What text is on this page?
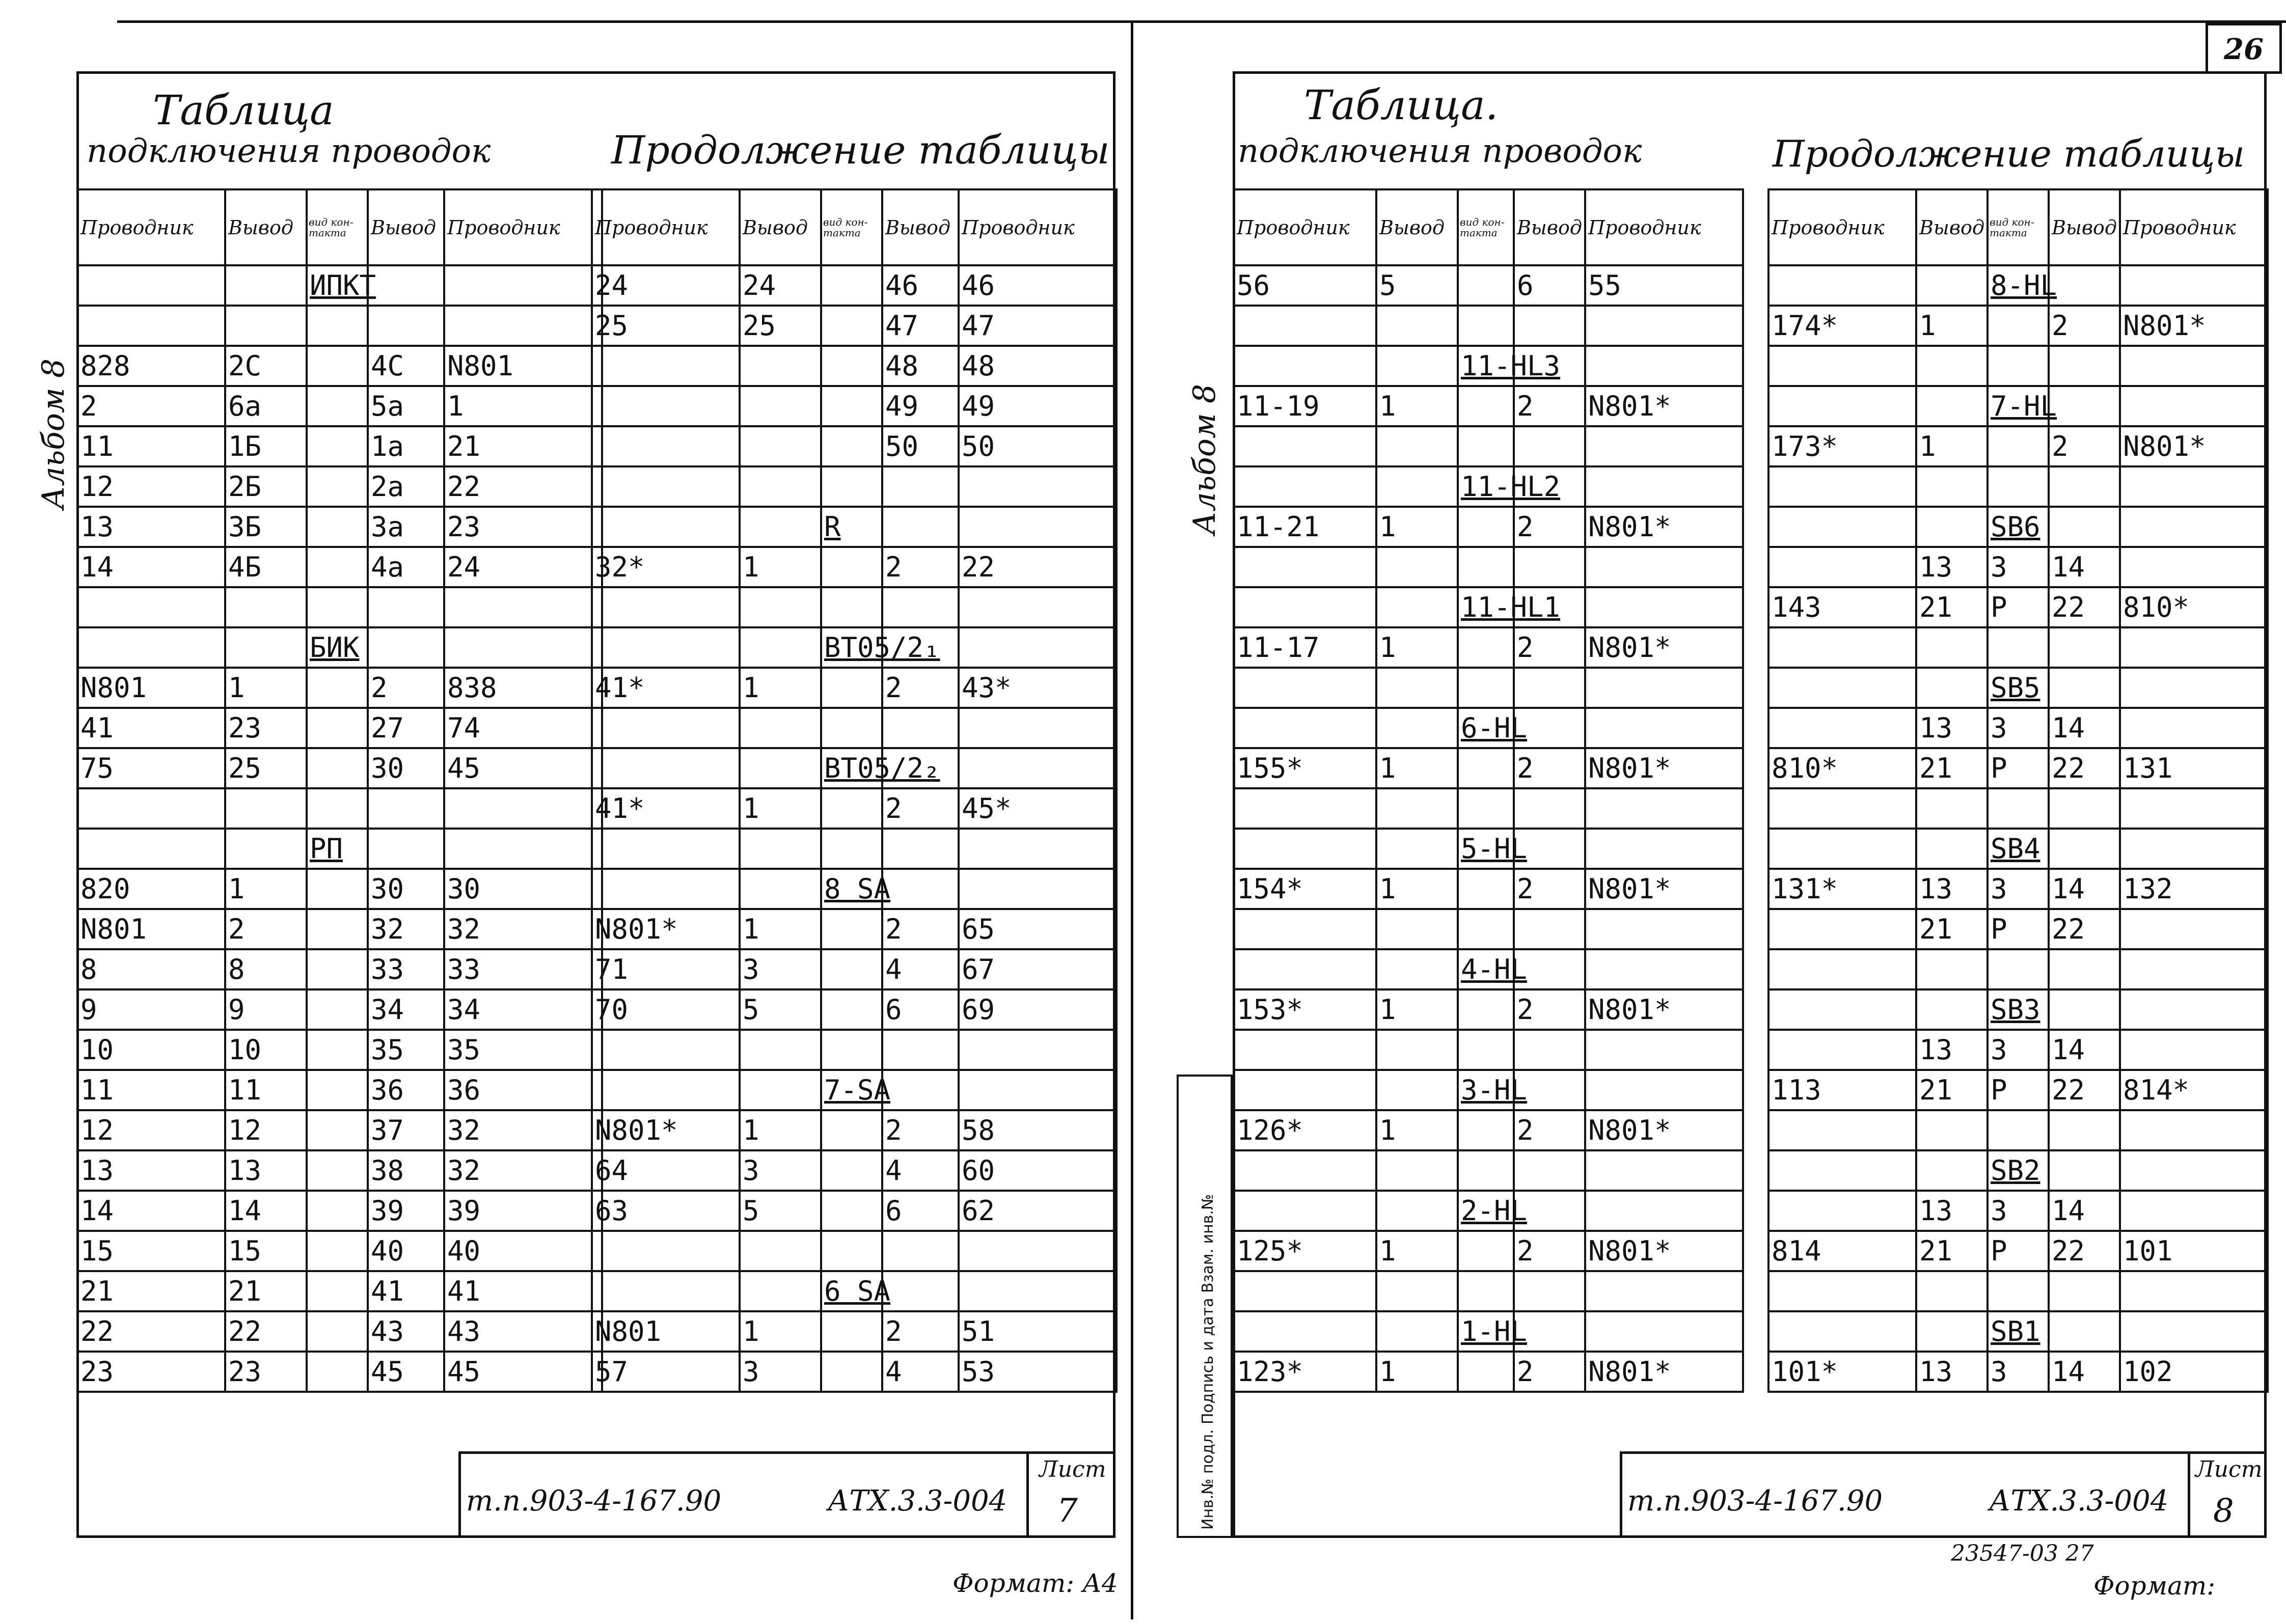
26
Альбом 8
Таблица
подключения проводок	Продолжение таблицы
Проводник	Вывод	вид кон-такта	Вывод	Проводник
		ИПКТ		

828	2С		4С	N801
2	6а		5а	1
11	1Б		1а	21
12	2Б		2а	22
13	3Б		3а	23
14	4Б		4а	24

		БИК		
N801	1		2	838
41	23		27	74
75	25		30	45

		РП		
820	1		30	30
N801	2		32	32
8	8		33	33
9	9		34	34
10	10		35	35
11	11		36	36
12	12		37	32
13	13		38	32
14	14		39	39
15	15		40	40
21	21		41	41
22	22		43	43
23	23		45	45
Проводник	Вывод	вид кон-такта	Вывод	Проводник
24	24		46	46
25	25		47	47
			48	48
			49	49
			50	50

		R		
32*	1		2	22

		BT05/2₁		
41*	1		2	43*

		BT05/2₂		
41*	1		2	45*

		8 SA		
N801*	1		2	65
71	3		4	67
70	5		6	69

		7-SA		
N801*	1		2	58
64	3		4	60
63	5		6	62

		6 SA		
N801	1		2	51
57	3		4	53
т.п.903-4-167.90	АТХ.3.3-004
Лист
7
Формат: А4
Альбом 8
Инв.№ подл. Подпись и дата Взам. инв.№
Таблица.
подключения проводок	Продолжение таблицы
Проводник	Вывод	вид кон-такта	Вывод	Проводник
56	5		6	55

		11-HL3		
11-19	1		2	N801*

		11-HL2		
11-21	1		2	N801*

		11-HL1		
11-17	1		2	N801*

		6-HL		
155*	1		2	N801*

		5-HL		
154*	1		2	N801*

		4-HL		
153*	1		2	N801*

		3-HL		
126*	1		2	N801*

		2-HL		
125*	1		2	N801*

		1-HL		
123*	1		2	N801*
Проводник	Вывод	вид кон-такта	Вывод	Проводник
		8-HL		
174*	1		2	N801*

		7-HL		
173*	1		2	N801*

		SB6		
	13	3	14	
143	21	Р	22	810*

		SB5		
	13	3	14	
810*	21	Р	22	131

		SB4		
131*	13	3	14	132
	21	Р	22	

		SB3		
	13	3	14	
113	21	Р	22	814*

		SB2		
	13	3	14	
814	21	Р	22	101

		SB1		
101*	13	3	14	102
т.п.903-4-167.90	АТХ.3.3-004
Лист
8
23547-03 27
Формат:
